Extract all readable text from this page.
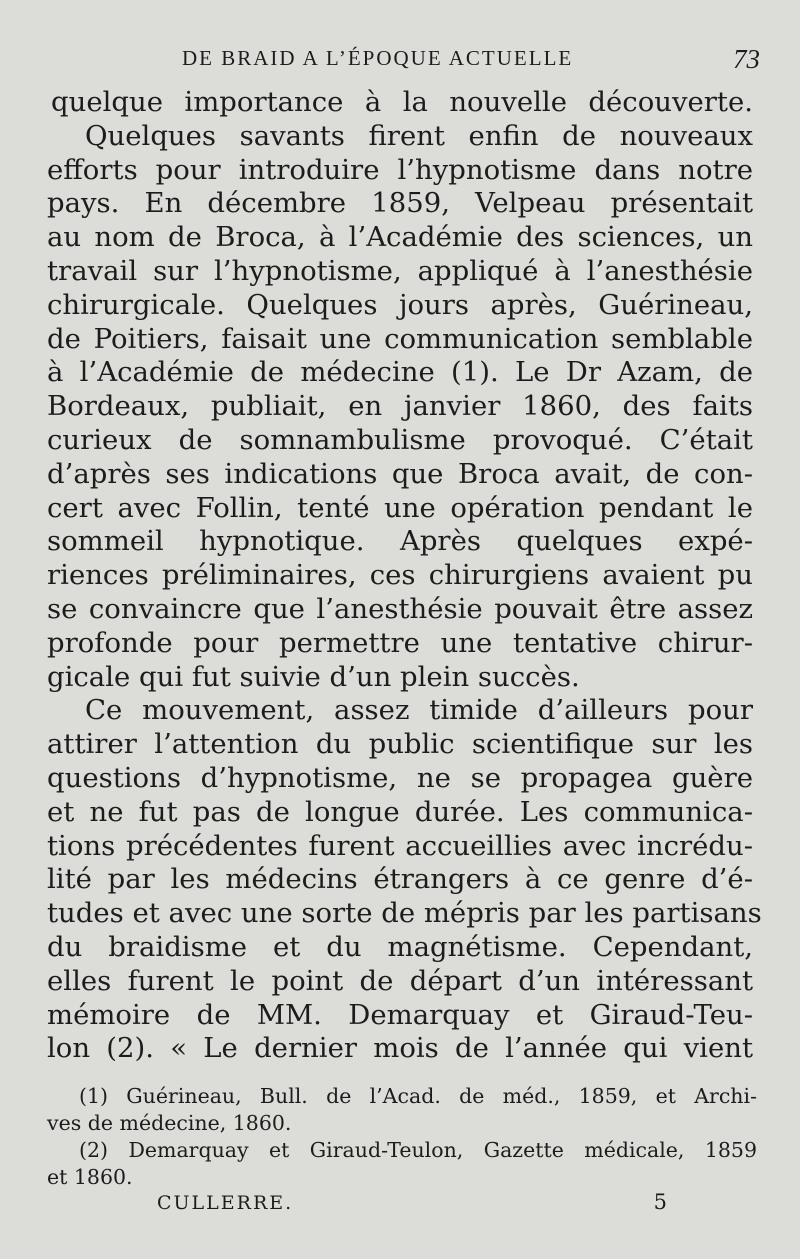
DE BRAID A L’ÉPOQUE ACTUELLE	73
quelque importance à la nouvelle découverte.
Quelques savants firent enfin de nouveaux
efforts pour introduire l’hypnotisme dans notre
pays. En décembre 1859, Velpeau présentait
au nom de Broca, à l’Académie des sciences, un
travail sur l’hypnotisme, appliqué à l’anesthésie
chirurgicale. Quelques jours après, Guérineau,
de Poitiers, faisait une communication semblable
à l’Académie de médecine (1). Le Dr Azam, de
Bordeaux, publiait, en janvier 1860, des faits
curieux de somnambulisme provoqué. C’était
d’après ses indications que Broca avait, de con-
cert avec Follin, tenté une opération pendant le
sommeil hypnotique. Après quelques expé-
riences préliminaires, ces chirurgiens avaient pu
se convaincre que l’anesthésie pouvait être assez
profonde pour permettre une tentative chirur-
gicale qui fut suivie d’un plein succès.
Ce mouvement, assez timide d’ailleurs pour
attirer l’attention du public scientifique sur les
questions d’hypnotisme, ne se propagea guère
et ne fut pas de longue durée. Les communica-
tions précédentes furent accueillies avec incrédu-
lité par les médecins étrangers à ce genre d’é-
tudes et avec une sorte de mépris par les partisans
du braidisme et du magnétisme. Cependant,
elles furent le point de départ d’un intéressant
mémoire de MM. Demarquay et Giraud-Teu-
lon (2). « Le dernier mois de l’année qui vient
(1) Guérineau, Bull. de l’Acad. de méd., 1859, et Archi-
ves de médecine, 1860.
(2) Demarquay et Giraud-Teulon, Gazette médicale, 1859
et 1860.
CULLERRE.	5
